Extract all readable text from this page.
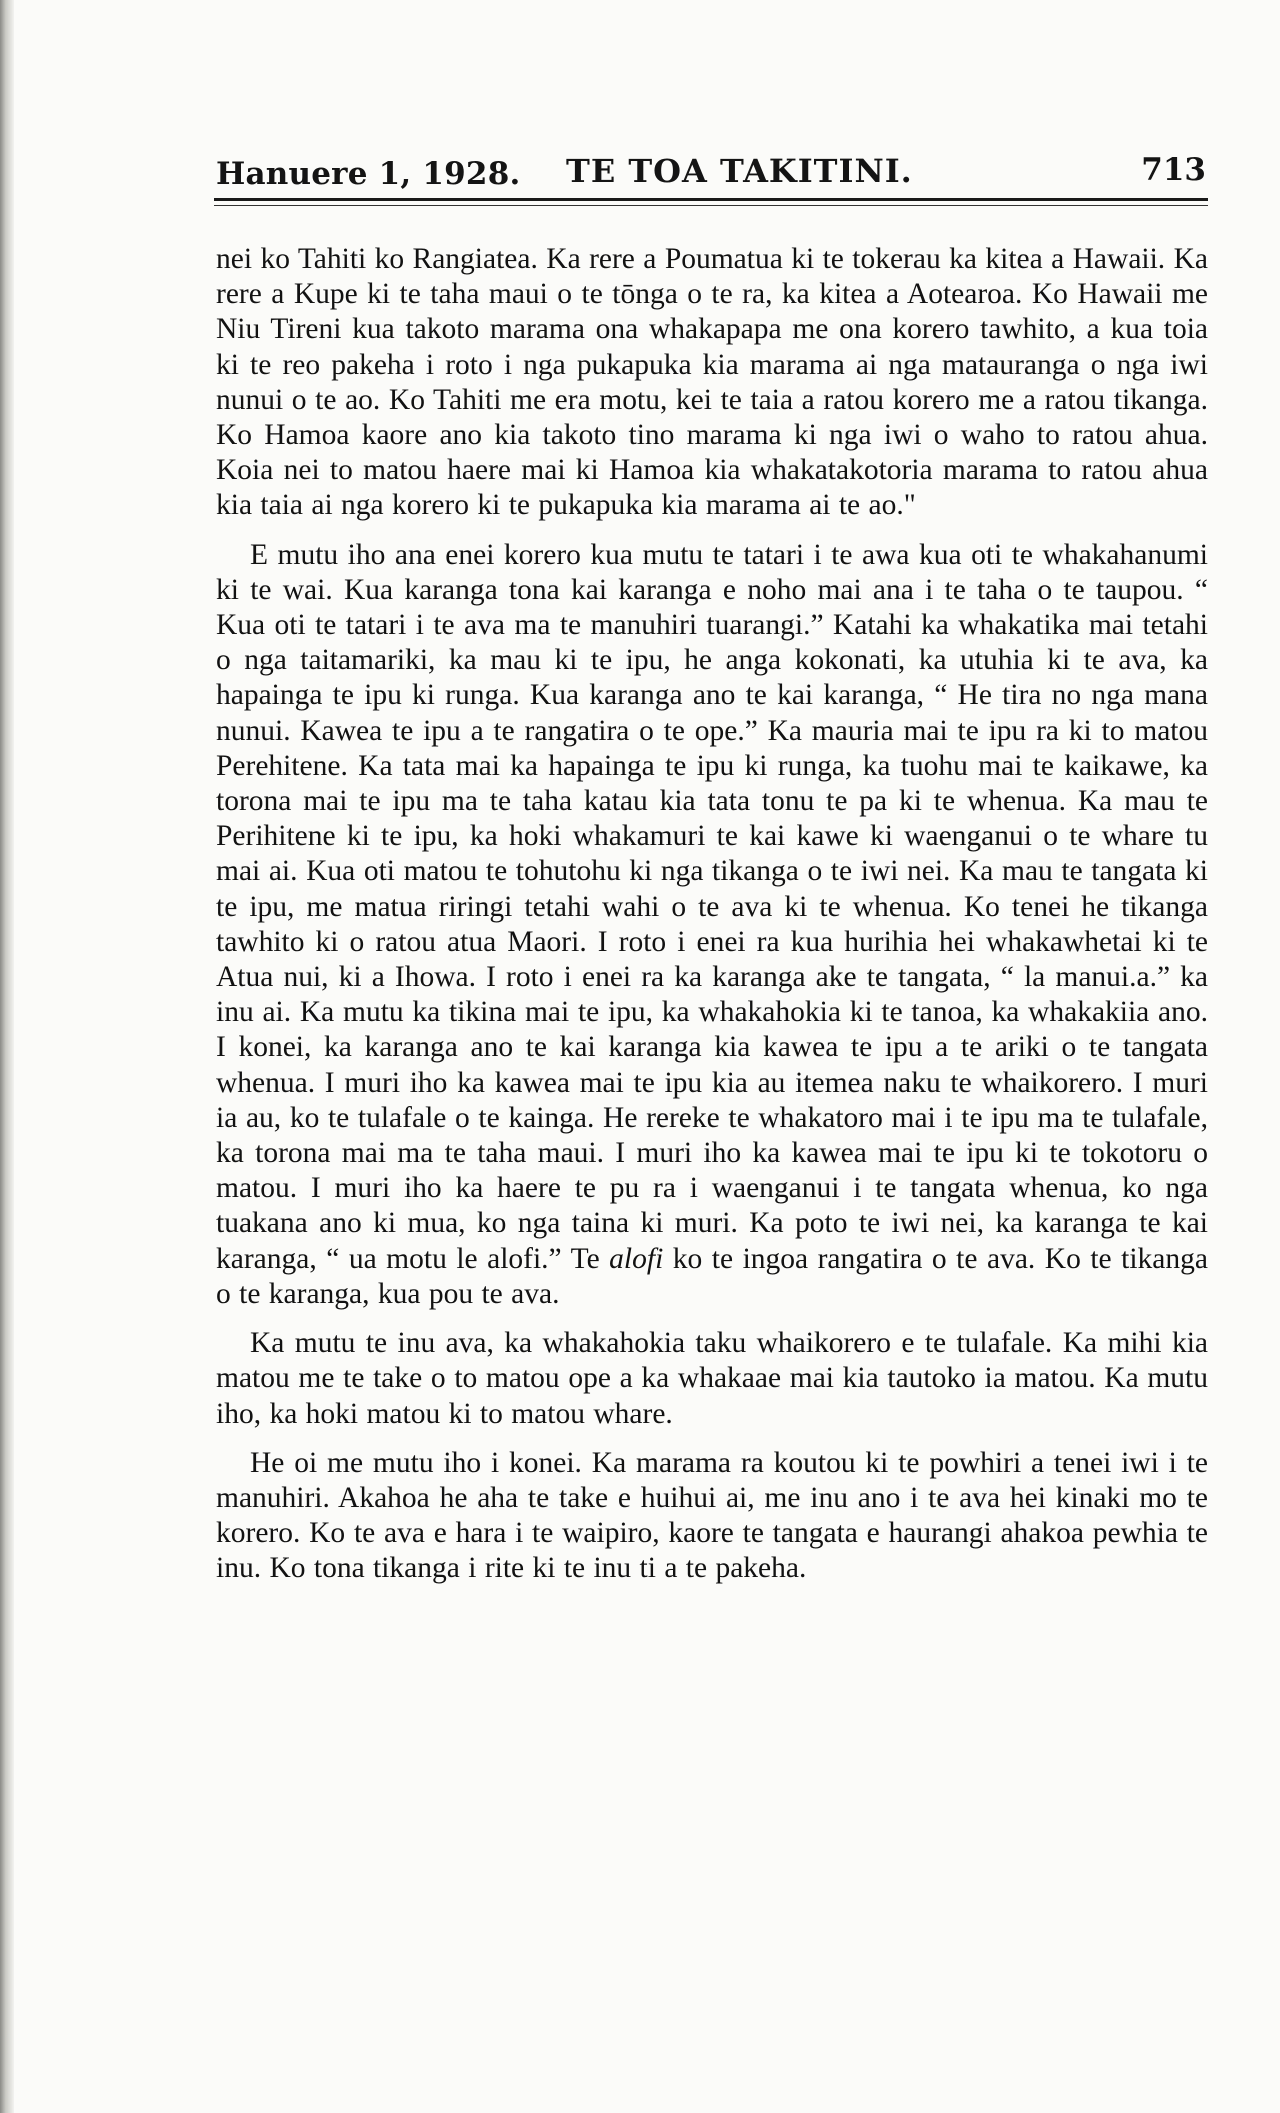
Hanuere 1, 1928. TE TOA TAKITINI.	713

nei ko Tahiti ko Rangiatea. Ka rere a Poumatua ki te tokerau ka kitea a Hawaii. Ka rere a Kupe ki te taha maui o te tōnga o te ra, ka kitea a Aotearoa. Ko Hawaii me Niu Tireni kua takoto marama ona whakapapa me ona korero tawhito, a kua toia ki te reo pakeha i roto i nga pukapuka kia marama ai nga matauranga o nga iwi nunui o te ao. Ko Tahiti me era motu, kei te taia a ratou korero me a ratou tikanga. Ko Hamoa kaore ano kia takoto tino marama ki nga iwi o waho to ratou ahua. Koia nei to matou haere mai ki Hamoa kia whakatakotoria marama to ratou ahua kia taia ai nga korero ki te pukapuka kia marama ai te ao."

E mutu iho ana enei korero kua mutu te tatari i te awa kua oti te whakahanumi ki te wai. Kua karanga tona kai karanga e noho mai ana i te taha o te taupou. “ Kua oti te tatari i te ava ma te manuhiri tuarangi.” Katahi ka whakatika mai tetahi o nga taitamariki, ka mau ki te ipu, he anga kokonati, ka utuhia ki te ava, ka hapainga te ipu ki runga. Kua karanga ano te kai karanga, “ He tira no nga mana nunui. Kawea te ipu a te rangatira o te ope.” Ka mauria mai te ipu ra ki to matou Perehitene. Ka tata mai ka hapainga te ipu ki runga, ka tuohu mai te kaikawe, ka torona mai te ipu ma te taha katau kia tata tonu te pa ki te whenua. Ka mau te Perihitene ki te ipu, ka hoki whakamuri te kai kawe ki waenganui o te whare tu mai ai. Kua oti matou te tohutohu ki nga tikanga o te iwi nei. Ka mau te tangata ki te ipu, me matua riringi tetahi wahi o te ava ki te whenua. Ko tenei he tikanga tawhito ki o ratou atua Maori. I roto i enei ra kua hurihia hei whakawhetai ki te Atua nui, ki a Ihowa. I roto i enei ra ka karanga ake te tangata, “ la manui.a.” ka inu ai. Ka mutu ka tikina mai te ipu, ka whakahokia ki te tanoa, ka whakakiia ano. I konei, ka karanga ano te kai karanga kia kawea te ipu a te ariki o te tangata whenua. I muri iho ka kawea mai te ipu kia au itemea naku te whaikorero. I muri ia au, ko te tulafale o te kainga. He rereke te whakatoro mai i te ipu ma te tulafale, ka torona mai ma te taha maui. I muri iho ka kawea mai te ipu ki te tokotoru o matou. I muri iho ka haere te pu ra i waenganui i te tangata whenua, ko nga tuakana ano ki mua, ko nga taina ki muri. Ka poto te iwi nei, ka karanga te kai karanga, “ ua motu le alofi.” Te alofi ko te ingoa rangatira o te ava. Ko te tikanga o te karanga, kua pou te ava.

Ka mutu te inu ava, ka whakahokia taku whaikorero e te tulafale. Ka mihi kia matou me te take o to matou ope a ka whakaae mai kia tautoko ia matou. Ka mutu iho, ka hoki matou ki to matou whare.

He oi me mutu iho i konei. Ka marama ra koutou ki te powhiri a tenei iwi i te manuhiri. Akahoa he aha te take e huihui ai, me inu ano i te ava hei kinaki mo te korero. Ko te ava e hara i te waipiro, kaore te tangata e haurangi ahakoa pewhia te inu. Ko tona tikanga i rite ki te inu ti a te pakeha.
